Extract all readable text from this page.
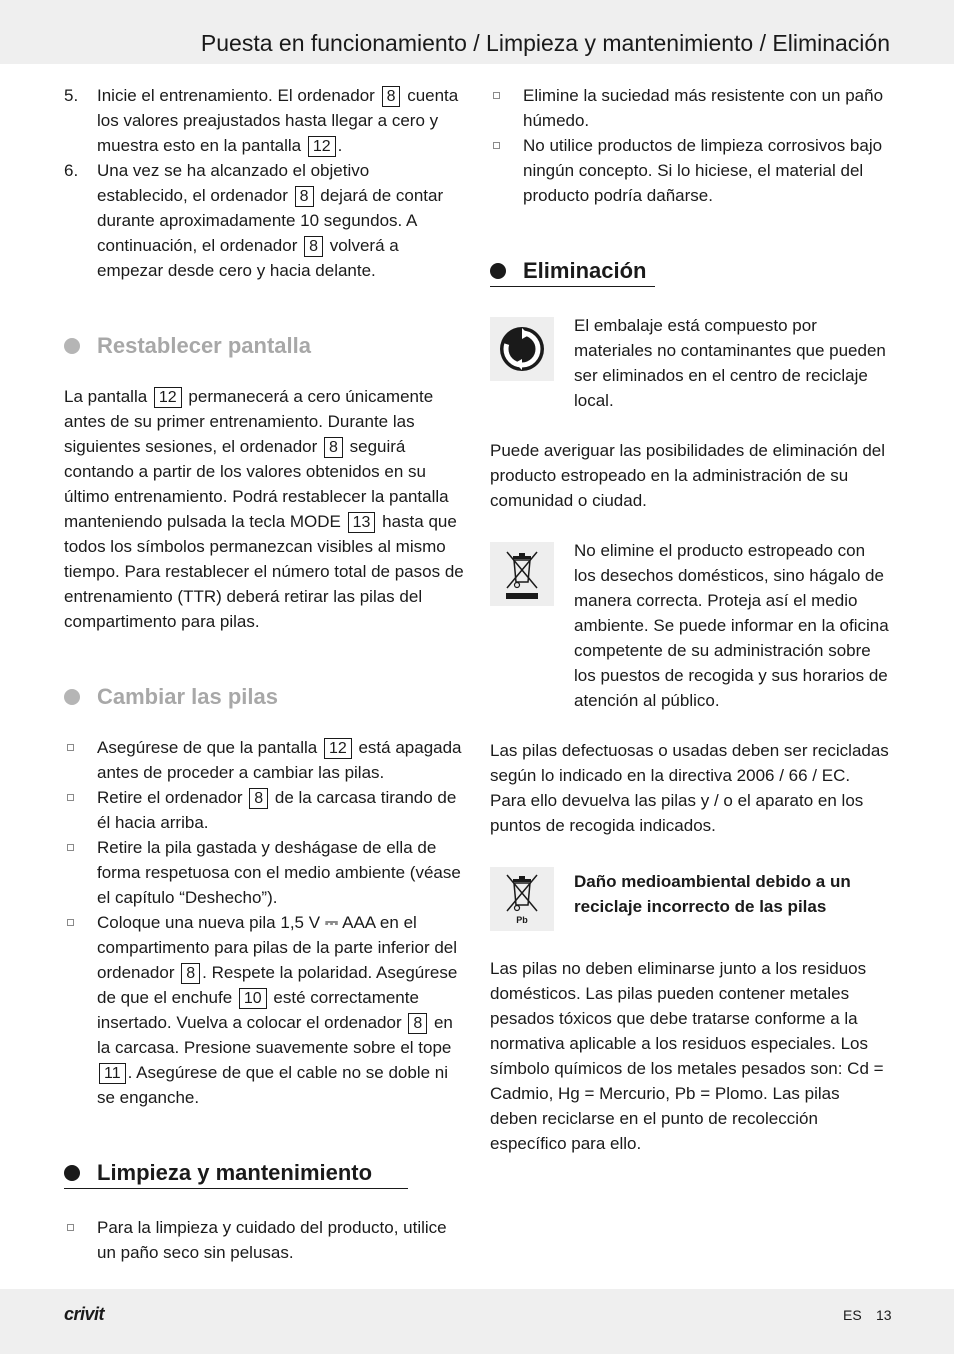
Puesta en funcionamiento / Limpieza y mantenimiento / Eliminación
5. Inicie el entrenamiento. El ordenador 8 cuenta los valores preajustados hasta llegar a cero y muestra esto en la pantalla 12 .
6. Una vez se ha alcanzado el objetivo establecido, el ordenador 8 dejará de contar durante aproximadamente 10 segundos. A continuación, el ordenador 8 volverá a empezar desde cero y hacia delante.
Restablecer pantalla

La pantalla 12 permanecerá a cero únicamente antes de su primer entrenamiento. Durante las siguientes sesiones, el ordenador 8 seguirá contando a partir de los valores obtenidos en su último entrenamiento. Podrá restablecer la pantalla manteniendo pulsada la tecla MODE 13 hasta que todos los símbolos permanezcan visibles al mismo tiempo. Para restablecer el número total de pasos de entrenamiento (TTR) deberá retirar las pilas del compartimento para pilas.

Cambiar las pilas
Asegúrese de que la pantalla 12 está apagada antes de proceder a cambiar las pilas.
Retire el ordenador 8 de la carcasa tirando de él hacia arriba.
Retire la pila gastada y deshágase de ella de forma respetuosa con el medio ambiente (véase el capítulo “Deshecho”).
Coloque una nueva pila 1,5 V ⎓ AAA en el compartimento para pilas de la parte inferior del ordenador 8 . Respete la polaridad. Asegúrese de que el enchufe 10 esté correctamente insertado. Vuelva a colocar el ordenador 8 en la carcasa. Presione suavemente sobre el tope 11 . Asegúrese de que el cable no se doble ni se enganche.
Limpieza y mantenimiento
Para la limpieza y cuidado del producto, utilice un paño seco sin pelusas.
Elimine la suciedad más resistente con un paño húmedo.
No utilice productos de limpieza corrosivos bajo ningún concepto. Si lo hiciese, el material del producto podría dañarse.
Eliminación

El embalaje está compuesto por materiales no contaminantes que pueden ser eliminados en el centro de reciclaje local.

Puede averiguar las posibilidades de eliminación del producto estropeado en la administración de su comunidad o ciudad.

No elimine el producto estropeado con los desechos domésticos, sino hágalo de manera correcta. Proteja así el medio ambiente. Se puede informar en la oficina competente de su administración sobre los puestos de recogida y sus horarios de atención al público.

Las pilas defectuosas o usadas deben ser recicladas según lo indicado en la directiva 2006 / 66 / EC. Para ello devuelva las pilas y / o el aparato en los puntos de recogida indicados.

Pb

Daño medioambiental debido a un reciclaje incorrecto de las pilas

Las pilas no deben eliminarse junto a los residuos domésticos. Las pilas pueden contener metales pesados tóxicos que debe tratarse conforme a la normativa aplicable a los residuos especiales. Los símbolo químicos de los metales pesados son: Cd = Cadmio, Hg = Mercurio, Pb = Plomo. Las pilas deben reciclarse en el punto de recolección específico para ello.

crivit	ES 13
